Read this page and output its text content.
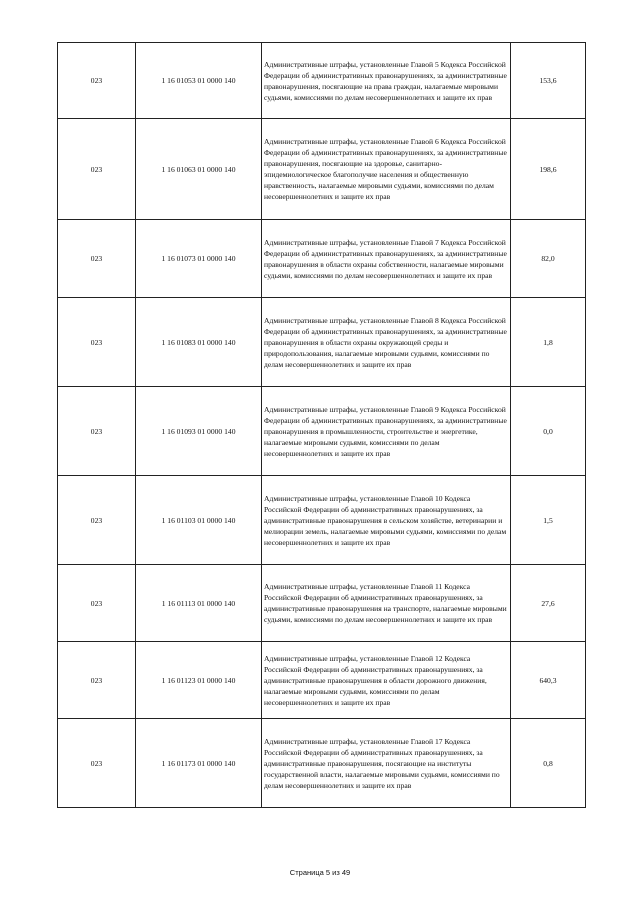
023	1 16 01053 01 0000 140	Административные штрафы, установленные Главой 5 Кодекса Российской Федерации об административных правонарушениях, за административные правонарушения, посягающие на права граждан, налагаемые мировыми судьями, комиссиями по делам несовершеннолетних и защите их прав	153,6
023	1 16 01063 01 0000 140	Административные штрафы, установленные Главой 6 Кодекса Российской Федерации об административных правонарушениях, за административные правонарушения, посягающие на здоровье, санитарно-эпидемиологическое благополучие населения и общественную нравственность, налагаемые мировыми судьями, комиссиями по делам несовершеннолетних и защите их прав	198,6
023	1 16 01073 01 0000 140	Административные штрафы, установленные Главой 7 Кодекса Российской Федерации об административных правонарушениях, за административные правонарушения в области охраны собственности, налагаемые мировыми судьями, комиссиями по делам несовершеннолетних и защите их прав	82,0
023	1 16 01083 01 0000 140	Административные штрафы, установленные Главой 8 Кодекса Российской Федерации об административных правонарушениях, за административные правонарушения в области охраны окружающей среды и природопользования, налагаемые мировыми судьями, комиссиями по делам несовершеннолетних и защите их прав	1,8
023	1 16 01093 01 0000 140	Административные штрафы, установленные Главой 9 Кодекса Российской Федерации об административных правонарушениях, за административные правонарушения в промышленности, строительстве и энергетике, налагаемые мировыми судьями, комиссиями по делам несовершеннолетних и защите их прав	0,0
023	1 16 01103 01 0000 140	Административные штрафы, установленные Главой 10 Кодекса Российской Федерации об административных правонарушениях, за административные правонарушения в сельском хозяйстве, ветеринарии и мелиорации земель, налагаемые мировыми судьями, комиссиями по делам несовершеннолетних и защите их прав	1,5
023	1 16 01113 01 0000 140	Административные штрафы, установленные Главой 11 Кодекса Российской Федерации об административных правонарушениях, за административные правонарушения на транспорте, налагаемые мировыми судьями, комиссиями по делам несовершеннолетних и защите их прав	27,6
023	1 16 01123 01 0000 140	Административные штрафы, установленные Главой 12 Кодекса Российской Федерации об административных правонарушениях, за административные правонарушения в области дорожного движения, налагаемые мировыми судьями, комиссиями по делам несовершеннолетних и защите их прав	640,3
023	1 16 01173 01 0000 140	Административные штрафы, установленные Главой 17 Кодекса Российской Федерации об административных правонарушениях, за административные правонарушения, посягающие на институты государственной власти, налагаемые мировыми судьями, комиссиями по делам несовершеннолетних и защите их прав	0,8
Страница 5 из 49
